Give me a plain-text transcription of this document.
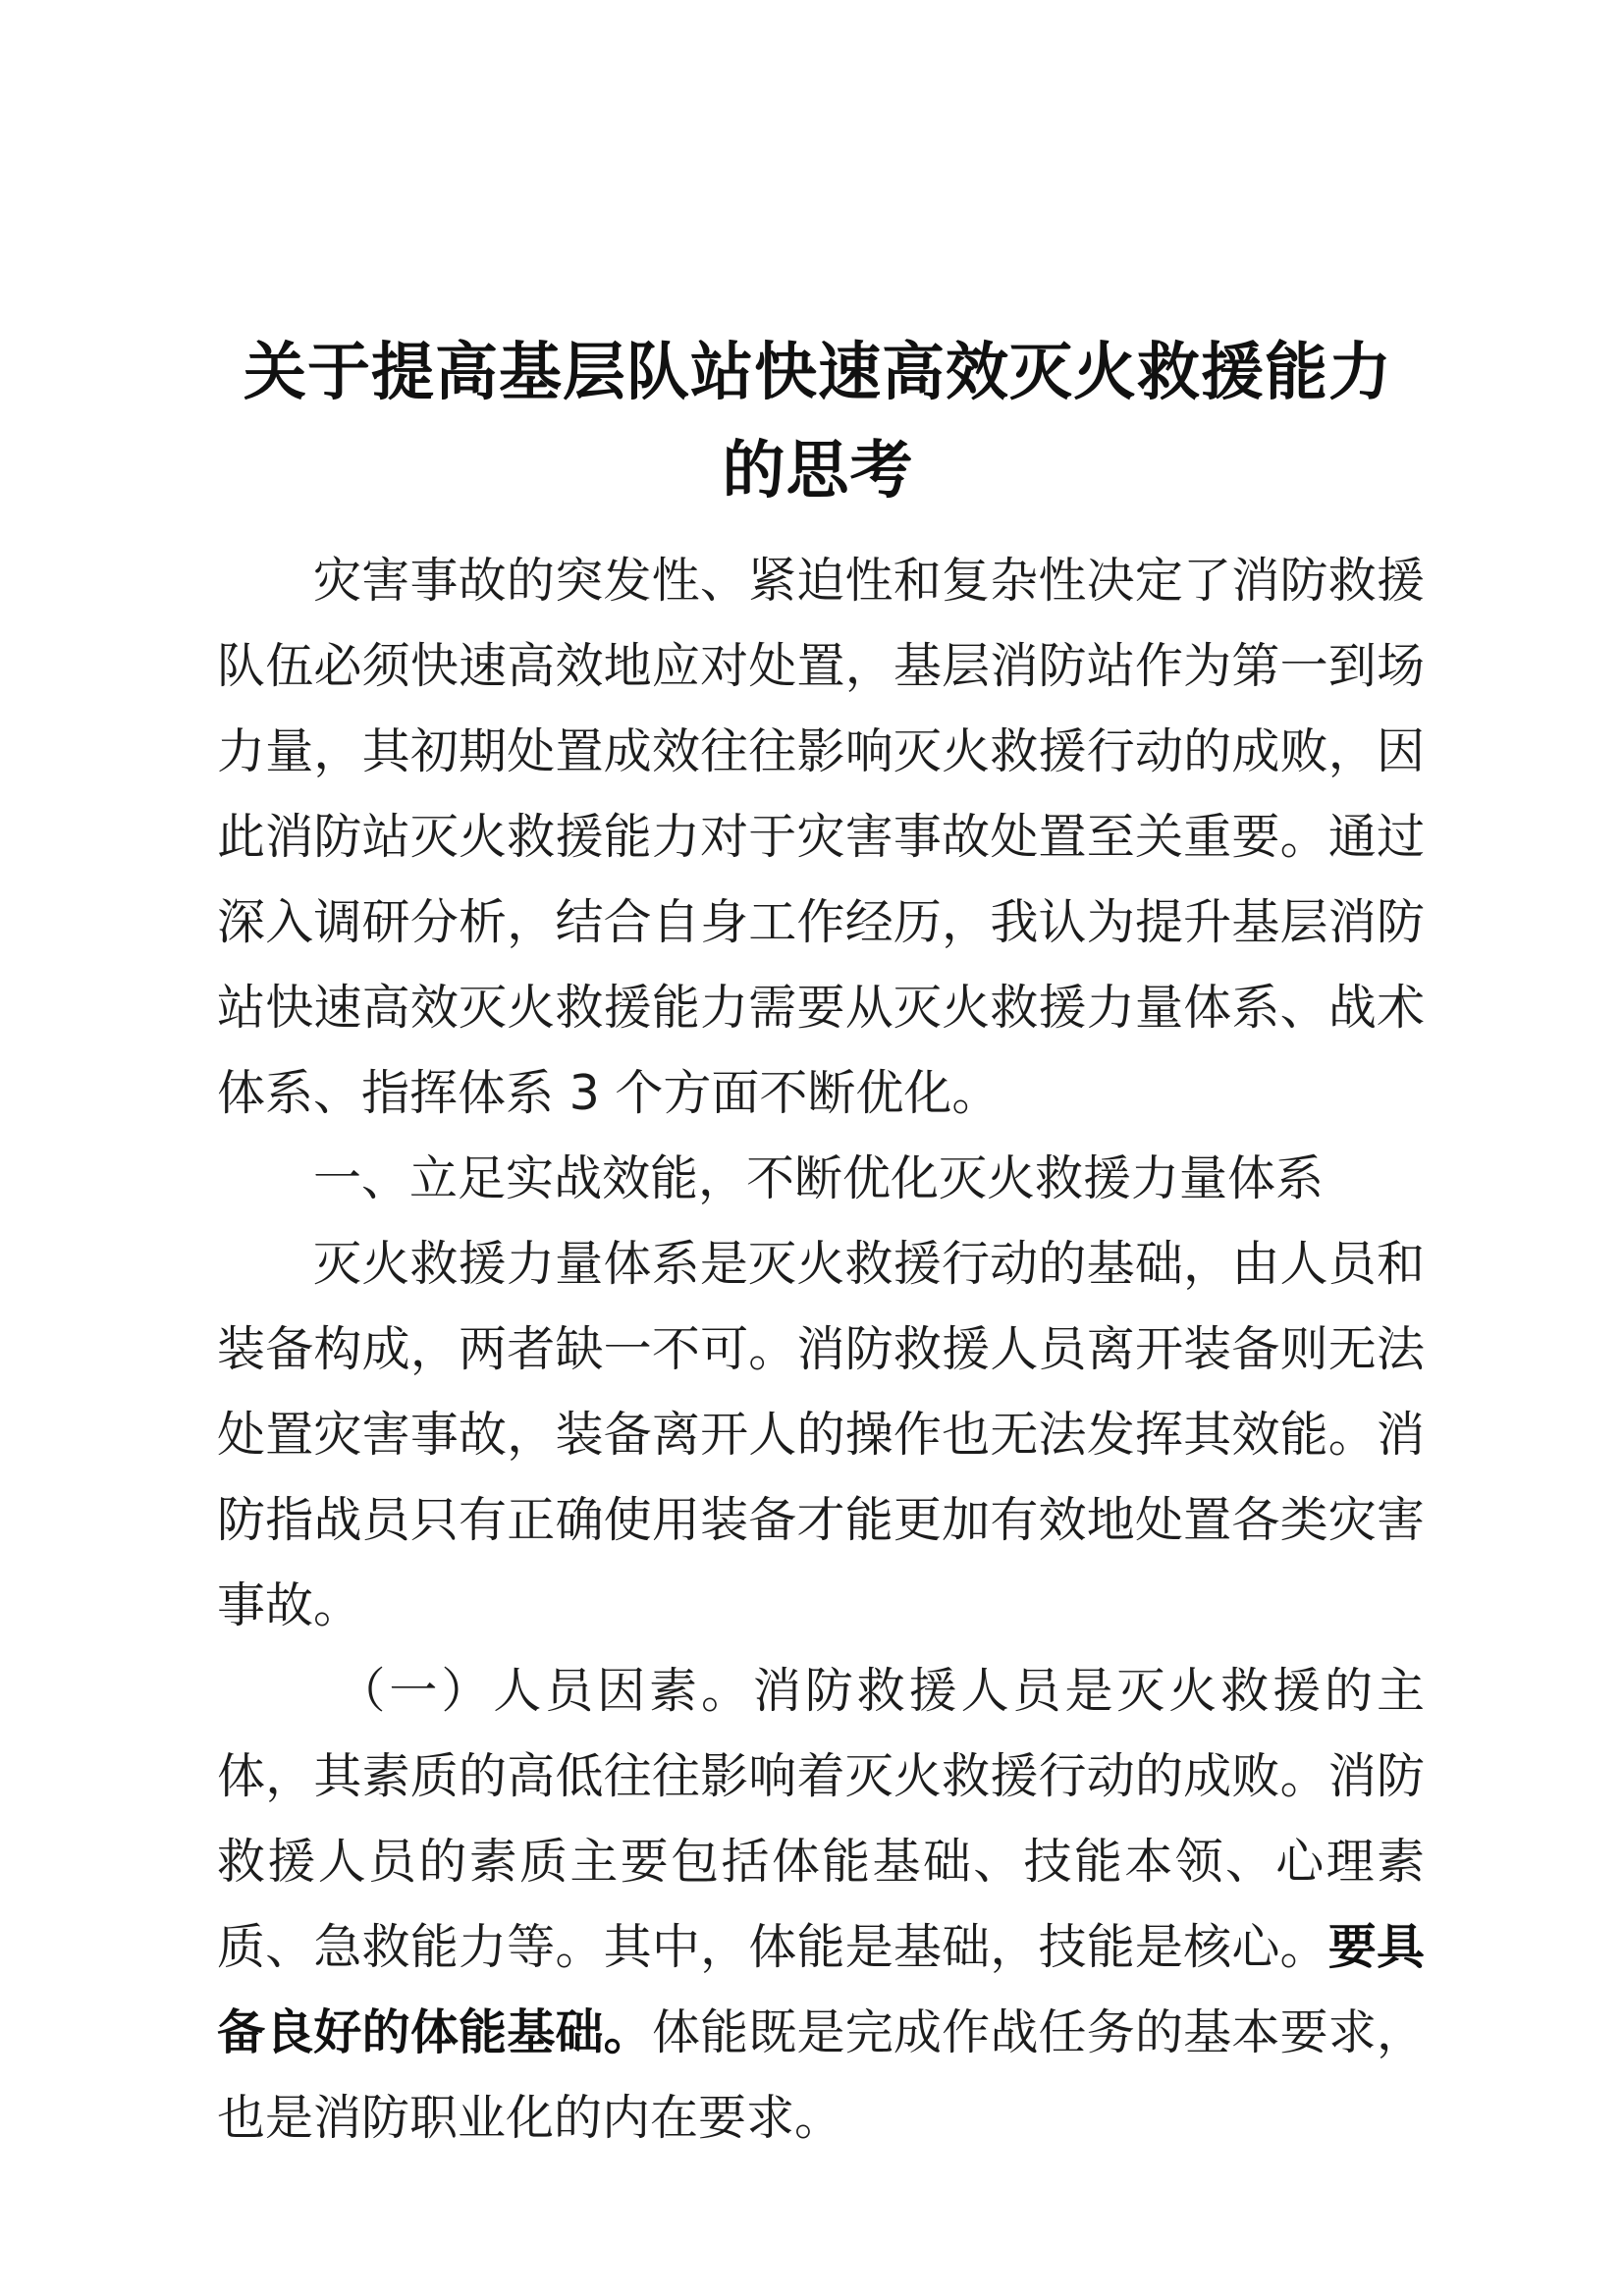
关于提高基层队站快速高效灭火救援能力的思考

灾害事故的突发性、紧迫性和复杂性决定了消防救援队伍必须快速高效地应对处置，基层消防站作为第一到场力量，其初期处置成效往往影响灭火救援行动的成败，因此消防站灭火救援能力对于灾害事故处置至关重要。通过深入调研分析，结合自身工作经历，我认为提升基层消防站快速高效灭火救援能力需要从灭火救援力量体系、战术体系、指挥体系 3 个方面不断优化。

一、立足实战效能，不断优化灭火救援力量体系

灭火救援力量体系是灭火救援行动的基础，由人员和装备构成，两者缺一不可。消防救援人员离开装备则无法处置灾害事故，装备离开人的操作也无法发挥其效能。消防指战员只有正确使用装备才能更加有效地处置各类灾害事故。

（一）人员因素。消防救援人员是灭火救援的主体，其素质的高低往往影响着灭火救援行动的成败。消防救援人员的素质主要包括体能基础、技能本领、心理素质、急救能力等。其中，体能是基础，技能是核心。要具备良好的体能基础。体能既是完成作战任务的基本要求，也是消防职业化的内在要求。
